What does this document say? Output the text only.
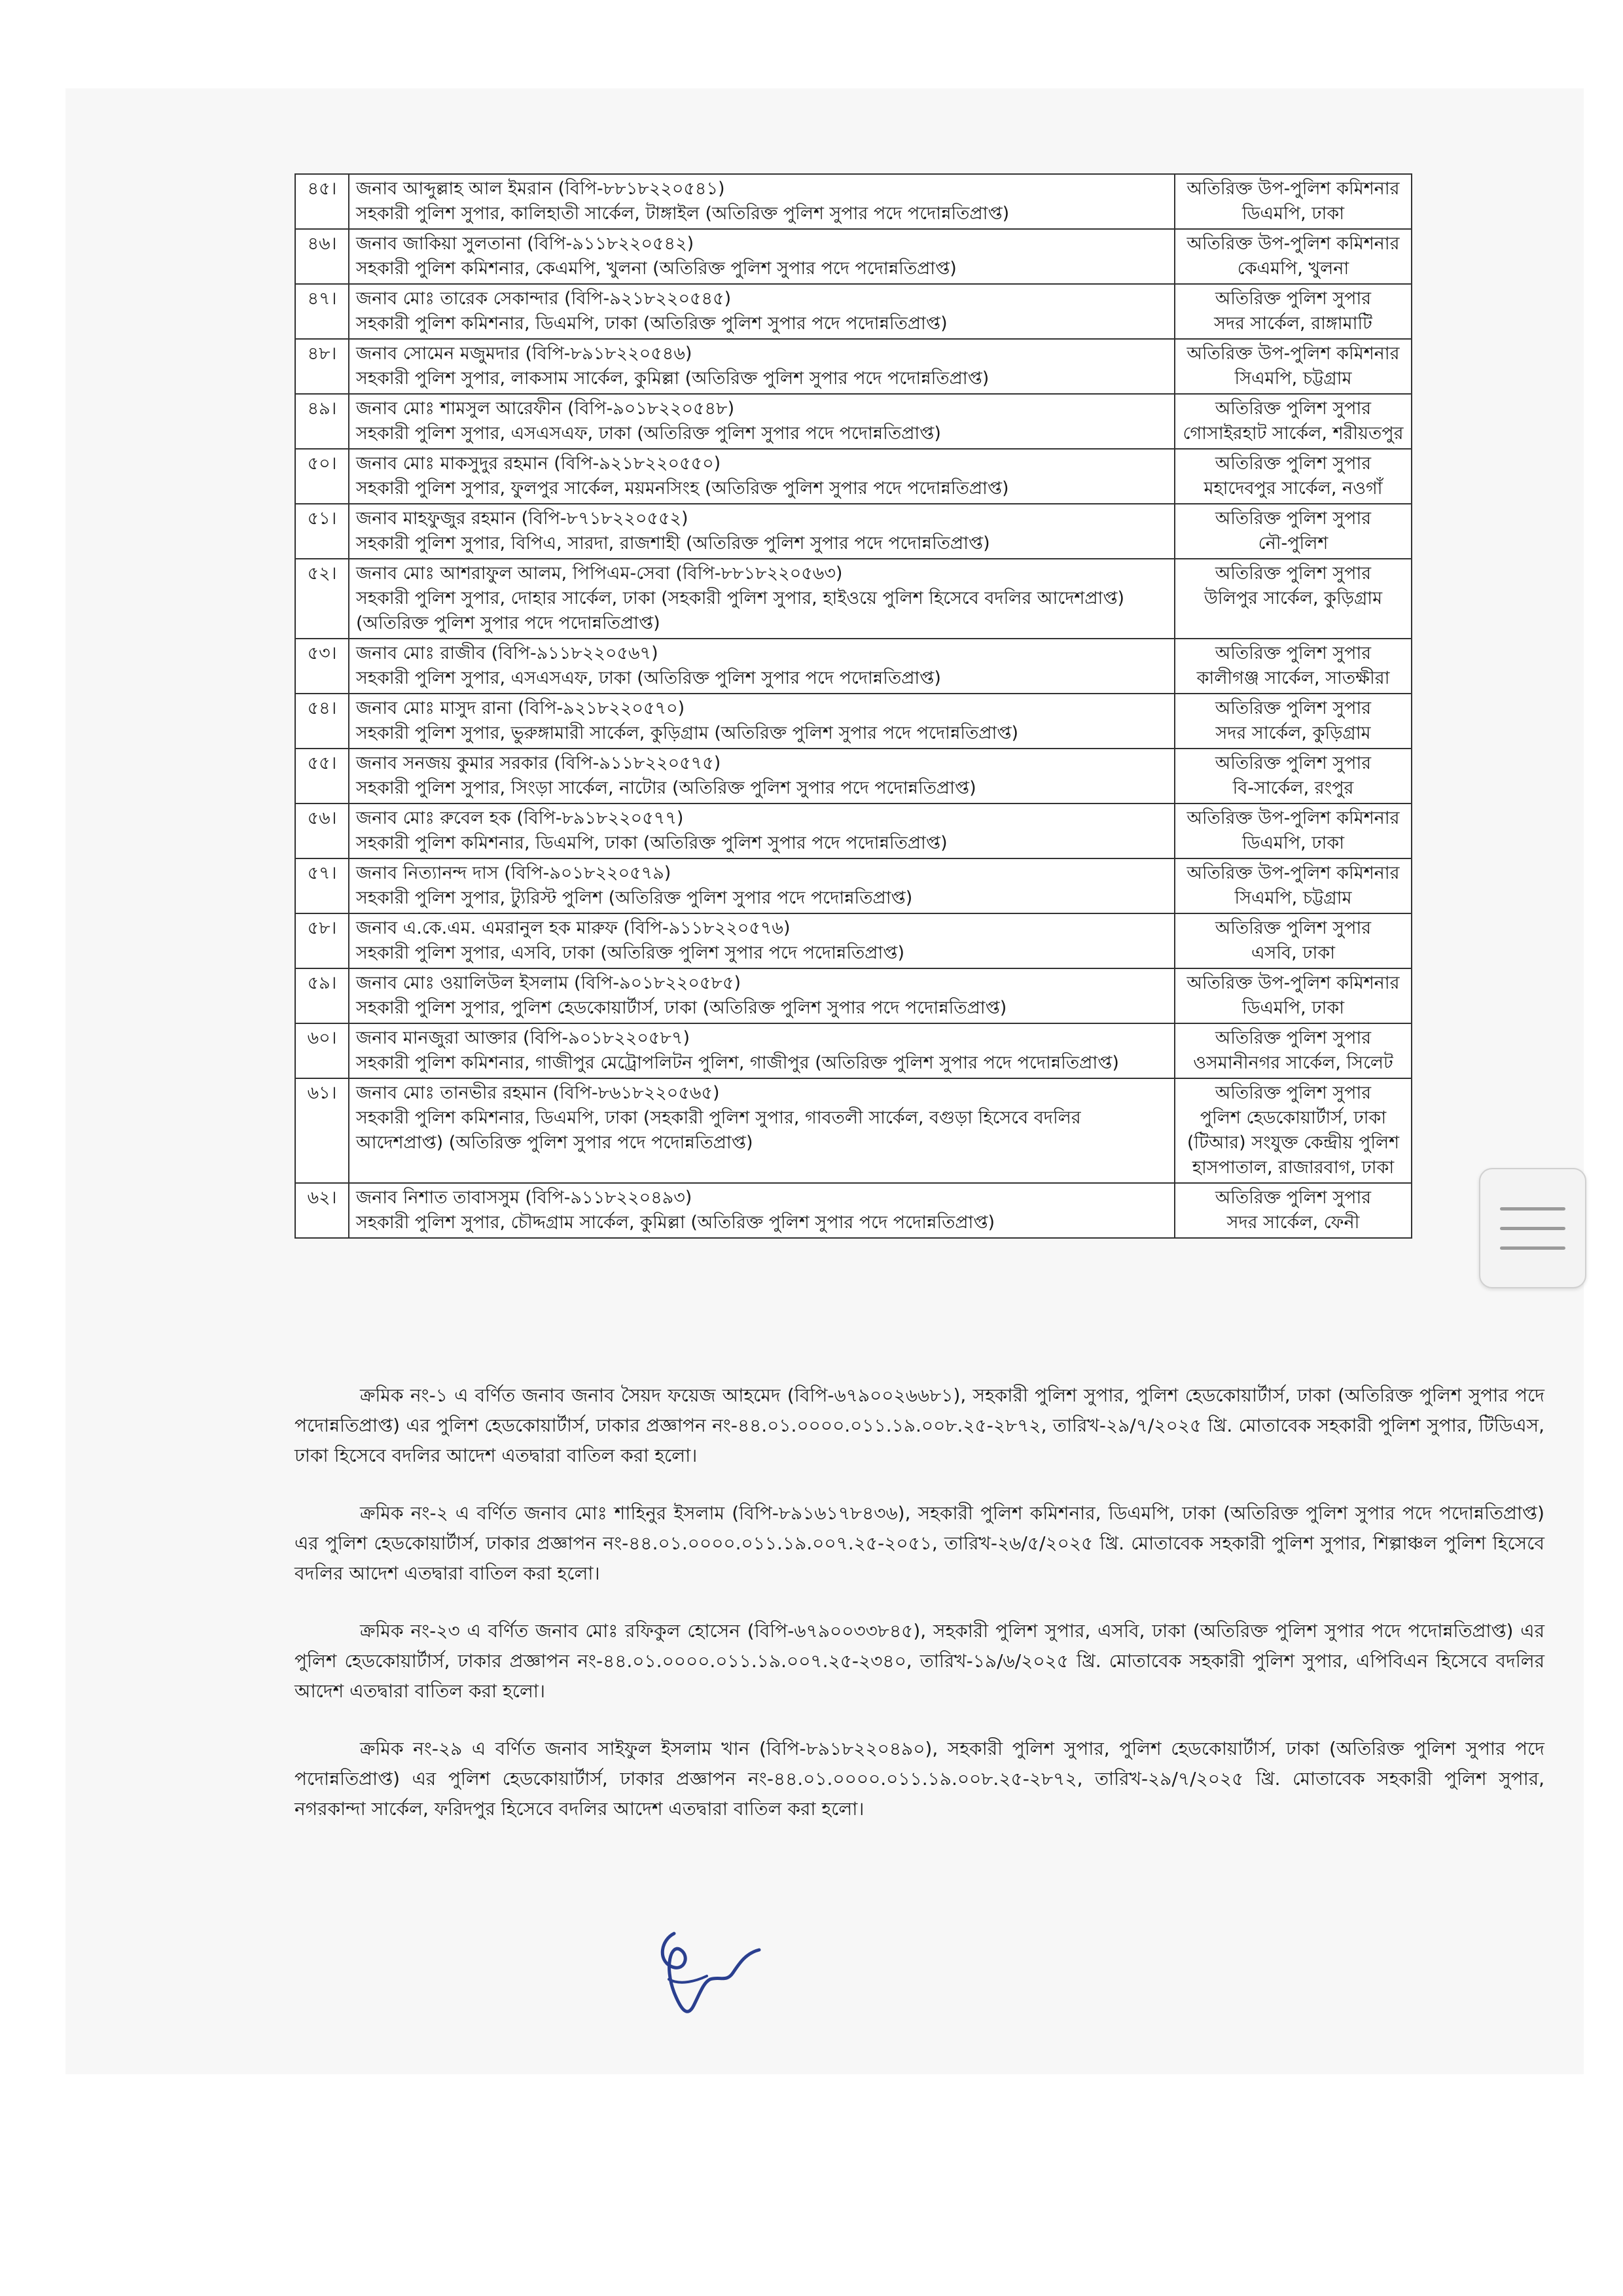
৪৫।	জনাব আব্দুল্লাহ আল ইমরান (বিপি-৮৮১৮২২০৫৪১)
সহকারী পুলিশ সুপার, কালিহাতী সার্কেল, টাঙ্গাইল (অতিরিক্ত পুলিশ সুপার পদে পদোন্নতিপ্রাপ্ত)	অতিরিক্ত উপ-পুলিশ কমিশনার
ডিএমপি, ঢাকা

৪৬।	জনাব জাকিয়া সুলতানা (বিপি-৯১১৮২২০৫৪২)
সহকারী পুলিশ কমিশনার, কেএমপি, খুলনা (অতিরিক্ত পুলিশ সুপার পদে পদোন্নতিপ্রাপ্ত)	অতিরিক্ত উপ-পুলিশ কমিশনার
কেএমপি, খুলনা

৪৭।	জনাব মোঃ তারেক সেকান্দার (বিপি-৯২১৮২২০৫৪৫)
সহকারী পুলিশ কমিশনার, ডিএমপি, ঢাকা (অতিরিক্ত পুলিশ সুপার পদে পদোন্নতিপ্রাপ্ত)	অতিরিক্ত পুলিশ সুপার
সদর সার্কেল, রাঙ্গামাটি

৪৮।	জনাব সোমেন মজুমদার (বিপি-৮৯১৮২২০৫৪৬)
সহকারী পুলিশ সুপার, লাকসাম সার্কেল, কুমিল্লা (অতিরিক্ত পুলিশ সুপার পদে পদোন্নতিপ্রাপ্ত)	অতিরিক্ত উপ-পুলিশ কমিশনার
সিএমপি, চট্টগ্রাম

৪৯।	জনাব মোঃ শামসুল আরেফীন (বিপি-৯০১৮২২০৫৪৮)
সহকারী পুলিশ সুপার, এসএসএফ, ঢাকা (অতিরিক্ত পুলিশ সুপার পদে পদোন্নতিপ্রাপ্ত)	অতিরিক্ত পুলিশ সুপার
গোসাইরহাট সার্কেল, শরীয়তপুর

৫০।	জনাব মোঃ মাকসুদুর রহমান (বিপি-৯২১৮২২০৫৫০)
সহকারী পুলিশ সুপার, ফুলপুর সার্কেল, ময়মনসিংহ (অতিরিক্ত পুলিশ সুপার পদে পদোন্নতিপ্রাপ্ত)	অতিরিক্ত পুলিশ সুপার
মহাদেবপুর সার্কেল, নওগাঁ

৫১।	জনাব মাহফুজুর রহমান (বিপি-৮৭১৮২২০৫৫২)
সহকারী পুলিশ সুপার, বিপিএ, সারদা, রাজশাহী (অতিরিক্ত পুলিশ সুপার পদে পদোন্নতিপ্রাপ্ত)	অতিরিক্ত পুলিশ সুপার
নৌ-পুলিশ

৫২।	জনাব মোঃ আশরাফুল আলম, পিপিএম-সেবা (বিপি-৮৮১৮২২০৫৬৩)
সহকারী পুলিশ সুপার, দোহার সার্কেল, ঢাকা (সহকারী পুলিশ সুপার, হাইওয়ে পুলিশ হিসেবে বদলির আদেশপ্রাপ্ত) (অতিরিক্ত পুলিশ সুপার পদে পদোন্নতিপ্রাপ্ত)	অতিরিক্ত পুলিশ সুপার
উলিপুর সার্কেল, কুড়িগ্রাম

৫৩।	জনাব মোঃ রাজীব (বিপি-৯১১৮২২০৫৬৭)
সহকারী পুলিশ সুপার, এসএসএফ, ঢাকা (অতিরিক্ত পুলিশ সুপার পদে পদোন্নতিপ্রাপ্ত)	অতিরিক্ত পুলিশ সুপার
কালীগঞ্জ সার্কেল, সাতক্ষীরা

৫৪।	জনাব মোঃ মাসুদ রানা (বিপি-৯২১৮২২০৫৭০)
সহকারী পুলিশ সুপার, ভুরুঙ্গামারী সার্কেল, কুড়িগ্রাম (অতিরিক্ত পুলিশ সুপার পদে পদোন্নতিপ্রাপ্ত)	অতিরিক্ত পুলিশ সুপার
সদর সার্কেল, কুড়িগ্রাম

৫৫।	জনাব সনজয় কুমার সরকার (বিপি-৯১১৮২২০৫৭৫)
সহকারী পুলিশ সুপার, সিংড়া সার্কেল, নাটোর (অতিরিক্ত পুলিশ সুপার পদে পদোন্নতিপ্রাপ্ত)	অতিরিক্ত পুলিশ সুপার
বি-সার্কেল, রংপুর

৫৬।	জনাব মোঃ রুবেল হক (বিপি-৮৯১৮২২০৫৭৭)
সহকারী পুলিশ কমিশনার, ডিএমপি, ঢাকা (অতিরিক্ত পুলিশ সুপার পদে পদোন্নতিপ্রাপ্ত)	অতিরিক্ত উপ-পুলিশ কমিশনার
ডিএমপি, ঢাকা

৫৭।	জনাব নিত্যানন্দ দাস (বিপি-৯০১৮২২০৫৭৯)
সহকারী পুলিশ সুপার, ট্যুরিস্ট পুলিশ (অতিরিক্ত পুলিশ সুপার পদে পদোন্নতিপ্রাপ্ত)	অতিরিক্ত উপ-পুলিশ কমিশনার
সিএমপি, চট্টগ্রাম

৫৮।	জনাব এ.কে.এম. এমরানুল হক মারুফ (বিপি-৯১১৮২২০৫৭৬)
সহকারী পুলিশ সুপার, এসবি, ঢাকা (অতিরিক্ত পুলিশ সুপার পদে পদোন্নতিপ্রাপ্ত)	অতিরিক্ত পুলিশ সুপার
এসবি, ঢাকা

৫৯।	জনাব মোঃ ওয়ালিউল ইসলাম (বিপি-৯০১৮২২০৫৮৫)
সহকারী পুলিশ সুপার, পুলিশ হেডকোয়ার্টার্স, ঢাকা (অতিরিক্ত পুলিশ সুপার পদে পদোন্নতিপ্রাপ্ত)	অতিরিক্ত উপ-পুলিশ কমিশনার
ডিএমপি, ঢাকা

৬০।	জনাব মানজুরা আক্তার (বিপি-৯০১৮২২০৫৮৭)
সহকারী পুলিশ কমিশনার, গাজীপুর মেট্রোপলিটন পুলিশ, গাজীপুর (অতিরিক্ত পুলিশ সুপার পদে পদোন্নতিপ্রাপ্ত)	অতিরিক্ত পুলিশ সুপার
ওসমানীনগর সার্কেল, সিলেট

৬১।	জনাব মোঃ তানভীর রহমান (বিপি-৮৬১৮২২০৫৬৫)
সহকারী পুলিশ কমিশনার, ডিএমপি, ঢাকা (সহকারী পুলিশ সুপার, গাবতলী সার্কেল, বগুড়া হিসেবে বদলির আদেশপ্রাপ্ত) (অতিরিক্ত পুলিশ সুপার পদে পদোন্নতিপ্রাপ্ত)	অতিরিক্ত পুলিশ সুপার
পুলিশ হেডকোয়ার্টার্স, ঢাকা (টিআর) সংযুক্ত কেন্দ্রীয় পুলিশ হাসপাতাল, রাজারবাগ, ঢাকা

৬২।	জনাব নিশাত তাবাসসুম (বিপি-৯১১৮২২০৪৯৩)
সহকারী পুলিশ সুপার, চৌদ্দগ্রাম সার্কেল, কুমিল্লা (অতিরিক্ত পুলিশ সুপার পদে পদোন্নতিপ্রাপ্ত)	অতিরিক্ত পুলিশ সুপার
সদর সার্কেল, ফেনী

ক্রমিক নং-১ এ বর্ণিত জনাব জনাব সৈয়দ ফয়েজ আহমেদ (বিপি-৬৭৯০০২৬৬৮১), সহকারী পুলিশ সুপার, পুলিশ হেডকোয়ার্টার্স, ঢাকা (অতিরিক্ত পুলিশ সুপার পদে পদোন্নতিপ্রাপ্ত) এর পুলিশ হেডকোয়ার্টার্স, ঢাকার প্রজ্ঞাপন নং-৪৪.০১.০০০০.০১১.১৯.০০৮.২৫-২৮৭২, তারিখ-২৯/৭/২০২৫ খ্রি. মোতাবেক সহকারী পুলিশ সুপার, টিডিএস, ঢাকা হিসেবে বদলির আদেশ এতদ্বারা বাতিল করা হলো।

ক্রমিক নং-২ এ বর্ণিত জনাব মোঃ শাহিনুর ইসলাম (বিপি-৮৯১৬১৭৮৪৩৬), সহকারী পুলিশ কমিশনার, ডিএমপি, ঢাকা (অতিরিক্ত পুলিশ সুপার পদে পদোন্নতিপ্রাপ্ত) এর পুলিশ হেডকোয়ার্টার্স, ঢাকার প্রজ্ঞাপন নং-৪৪.০১.০০০০.০১১.১৯.০০৭.২৫-২০৫১, তারিখ-২৬/৫/২০২৫ খ্রি. মোতাবেক সহকারী পুলিশ সুপার, শিল্পাঞ্চল পুলিশ হিসেবে বদলির আদেশ এতদ্বারা বাতিল করা হলো।

ক্রমিক নং-২৩ এ বর্ণিত জনাব মোঃ রফিকুল হোসেন (বিপি-৬৭৯০০৩৩৮৪৫), সহকারী পুলিশ সুপার, এসবি, ঢাকা (অতিরিক্ত পুলিশ সুপার পদে পদোন্নতিপ্রাপ্ত) এর পুলিশ হেডকোয়ার্টার্স, ঢাকার প্রজ্ঞাপন নং-৪৪.০১.০০০০.০১১.১৯.০০৭.২৫-২৩৪০, তারিখ-১৯/৬/২০২৫ খ্রি. মোতাবেক সহকারী পুলিশ সুপার, এপিবিএন হিসেবে বদলির আদেশ এতদ্বারা বাতিল করা হলো।

ক্রমিক নং-২৯ এ বর্ণিত জনাব সাইফুল ইসলাম খান (বিপি-৮৯১৮২২০৪৯০), সহকারী পুলিশ সুপার, পুলিশ হেডকোয়ার্টার্স, ঢাকা (অতিরিক্ত পুলিশ সুপার পদে পদোন্নতিপ্রাপ্ত) এর পুলিশ হেডকোয়ার্টার্স, ঢাকার প্রজ্ঞাপন নং-৪৪.০১.০০০০.০১১.১৯.০০৮.২৫-২৮৭২, তারিখ-২৯/৭/২০২৫ খ্রি. মোতাবেক সহকারী পুলিশ সুপার, নগরকান্দা সার্কেল, ফরিদপুর হিসেবে বদলির আদেশ এতদ্বারা বাতিল করা হলো।
